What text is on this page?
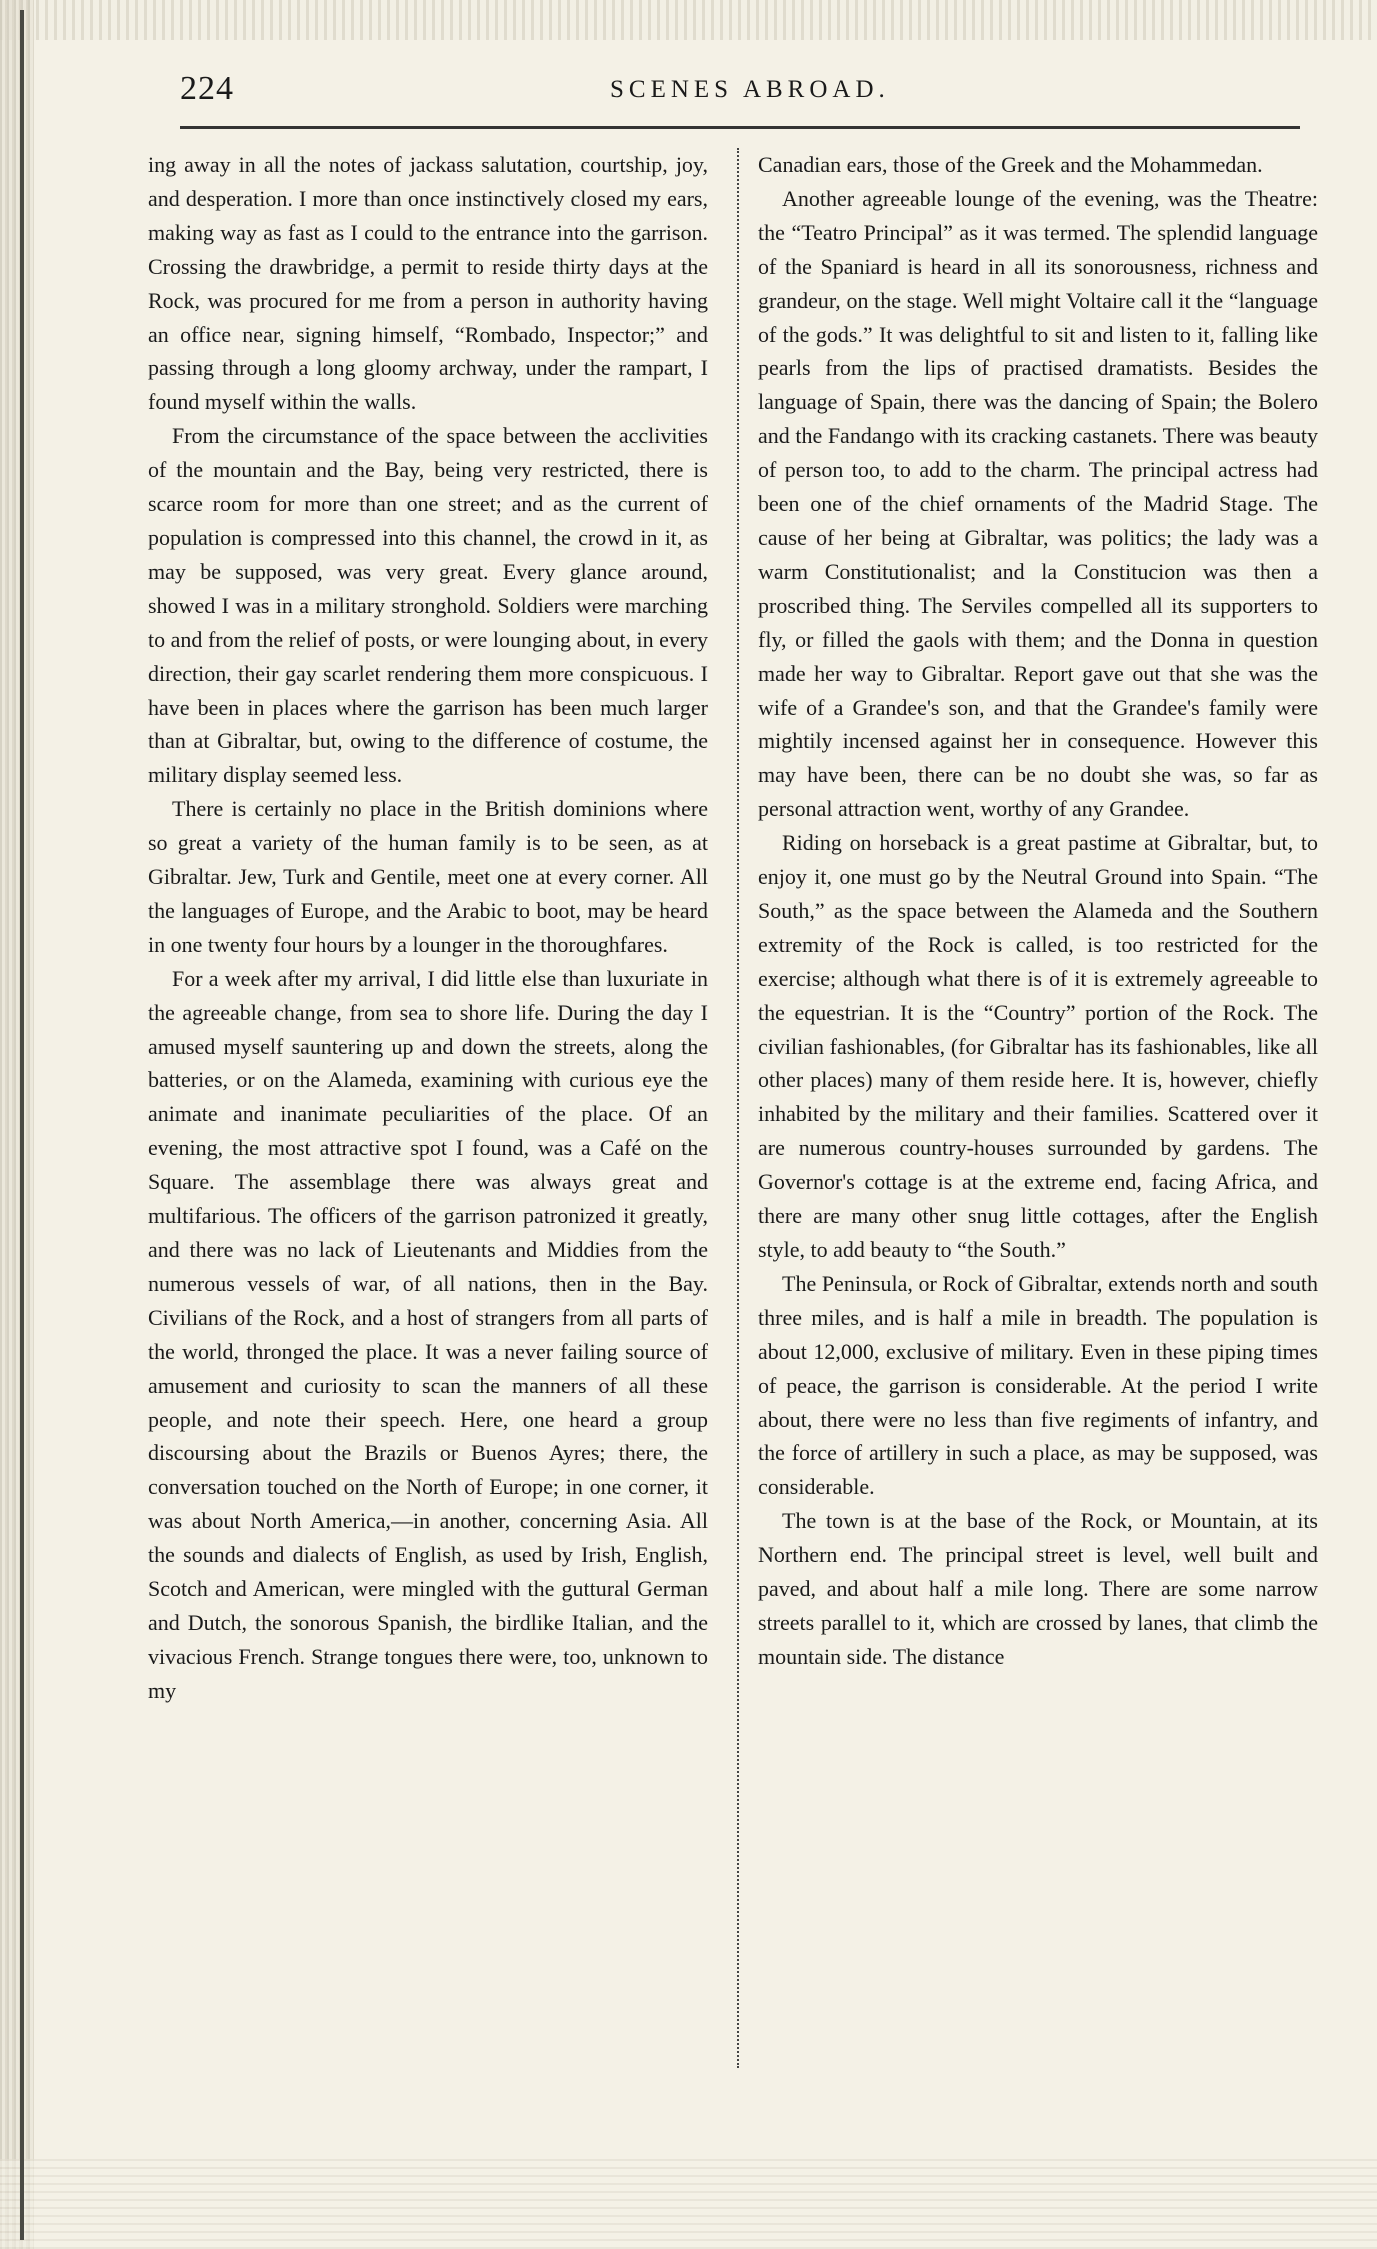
224	SCENES ABROAD.

ing away in all the notes of jackass salutation, courtship, joy, and desperation. I more than once instinctively closed my ears, making way as fast as I could to the entrance into the garrison. Crossing the drawbridge, a permit to reside thirty days at the Rock, was procured for me from a person in authority having an office near, signing himself, “Rombado, Inspector;” and passing through a long gloomy archway, under the rampart, I found myself within the walls.

From the circumstance of the space between the acclivities of the mountain and the Bay, being very restricted, there is scarce room for more than one street; and as the current of population is compressed into this channel, the crowd in it, as may be supposed, was very great. Every glance around, showed I was in a military stronghold. Soldiers were marching to and from the relief of posts, or were lounging about, in every direction, their gay scarlet rendering them more conspicuous. I have been in places where the garrison has been much larger than at Gibraltar, but, owing to the difference of costume, the military display seemed less.

There is certainly no place in the British dominions where so great a variety of the human family is to be seen, as at Gibraltar. Jew, Turk and Gentile, meet one at every corner. All the languages of Europe, and the Arabic to boot, may be heard in one twenty four hours by a lounger in the thoroughfares.

For a week after my arrival, I did little else than luxuriate in the agreeable change, from sea to shore life. During the day I amused myself sauntering up and down the streets, along the batteries, or on the Alameda, examining with curious eye the animate and inanimate peculiarities of the place. Of an evening, the most attractive spot I found, was a Café on the Square. The assemblage there was always great and multifarious. The officers of the garrison patronized it greatly, and there was no lack of Lieutenants and Middies from the numerous vessels of war, of all nations, then in the Bay. Civilians of the Rock, and a host of strangers from all parts of the world, thronged the place. It was a never failing source of amusement and curiosity to scan the manners of all these people, and note their speech. Here, one heard a group discoursing about the Brazils or Buenos Ayres; there, the conversation touched on the North of Europe; in one corner, it was about North America,—in another, concerning Asia. All the sounds and dialects of English, as used by Irish, English, Scotch and American, were mingled with the guttural German and Dutch, the sonorous Spanish, the birdlike Italian, and the vivacious French. Strange tongues there were, too, unknown to my

Canadian ears, those of the Greek and the Mohammedan.

Another agreeable lounge of the evening, was the Theatre: the “Teatro Principal” as it was termed. The splendid language of the Spaniard is heard in all its sonorousness, richness and grandeur, on the stage. Well might Voltaire call it the “language of the gods.” It was delightful to sit and listen to it, falling like pearls from the lips of practised dramatists. Besides the language of Spain, there was the dancing of Spain; the Bolero and the Fandango with its cracking castanets. There was beauty of person too, to add to the charm. The principal actress had been one of the chief ornaments of the Madrid Stage. The cause of her being at Gibraltar, was politics; the lady was a warm Constitutionalist; and la Constitucion was then a proscribed thing. The Serviles compelled all its supporters to fly, or filled the gaols with them; and the Donna in question made her way to Gibraltar. Report gave out that she was the wife of a Grandee's son, and that the Grandee's family were mightily incensed against her in consequence. However this may have been, there can be no doubt she was, so far as personal attraction went, worthy of any Grandee.

Riding on horseback is a great pastime at Gibraltar, but, to enjoy it, one must go by the Neutral Ground into Spain. “The South,” as the space between the Alameda and the Southern extremity of the Rock is called, is too restricted for the exercise; although what there is of it is extremely agreeable to the equestrian. It is the “Country” portion of the Rock. The civilian fashionables, (for Gibraltar has its fashionables, like all other places) many of them reside here. It is, however, chiefly inhabited by the military and their families. Scattered over it are numerous country-houses surrounded by gardens. The Governor's cottage is at the extreme end, facing Africa, and there are many other snug little cottages, after the English style, to add beauty to “the South.”

The Peninsula, or Rock of Gibraltar, extends north and south three miles, and is half a mile in breadth. The population is about 12,000, exclusive of military. Even in these piping times of peace, the garrison is considerable. At the period I write about, there were no less than five regiments of infantry, and the force of artillery in such a place, as may be supposed, was considerable.

The town is at the base of the Rock, or Mountain, at its Northern end. The principal street is level, well built and paved, and about half a mile long. There are some narrow streets parallel to it, which are crossed by lanes, that climb the mountain side. The distance
